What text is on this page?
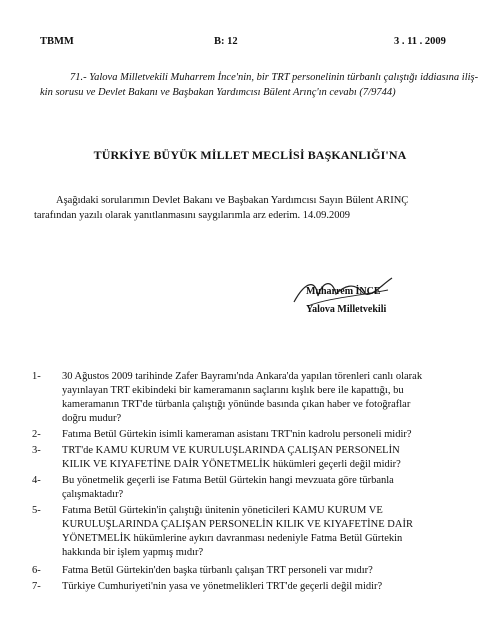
TBMM	B: 12	3 . 11 . 2009
71.- Yalova Milletvekili Muharrem İnce'nin, bir TRT personelinin türbanlı çalıştığı iddiasına iliş-
kin sorusu ve Devlet Bakanı ve Başbakan Yardımcısı Bülent Arınç'ın cevabı (7/9744)
TÜRKİYE BÜYÜK MİLLET MECLİSİ BAŞKANLIĞI'NA
Aşağıdaki sorularımın Devlet Bakanı ve Başbakan Yardımcısı Sayın Bülent ARINÇ
tarafından yazılı olarak yanıtlanmasını saygılarımla arz ederim. 14.09.2009
Muharrem İNCE
Yalova Milletvekili
1-	30 Ağustos 2009 tarihinde Zafer Bayramı'nda Ankara'da yapılan törenleri canlı olarak
yayınlayan TRT ekibindeki bir kameramanın saçlarını kışlık bere ile kapattığı, bu
kameramanın TRT'de türbanla çalıştığı yönünde basında çıkan haber ve fotoğraflar
doğru mudur?
2-	Fatıma Betül Gürtekin isimli kameraman asistanı TRT'nin kadrolu personeli midir?
3-	TRT'de KAMU KURUM VE KURULUŞLARINDA ÇALIŞAN PERSONELİN
KILIK VE KIYAFETİNE DAİR YÖNETMELİK hükümleri geçerli değil midir?
4-	Bu yönetmelik geçerli ise Fatıma Betül Gürtekin hangi mevzuata göre türbanla
çalışmaktadır?
5-	Fatıma Betül Gürtekin'in çalıştığı ünitenin yöneticileri KAMU KURUM VE
KURULUŞLARINDA ÇALIŞAN PERSONELİN KILIK VE KIYAFETİNE DAİR
YÖNETMELİK hükümlerine aykırı davranması nedeniyle Fatma Betül Gürtekin
hakkında bir işlem yapmış mıdır?
6-	Fatma Betül Gürtekin'den başka türbanlı çalışan TRT personeli var mıdır?
7-	Türkiye Cumhuriyeti'nin yasa ve yönetmelikleri TRT'de geçerli değil midir?
